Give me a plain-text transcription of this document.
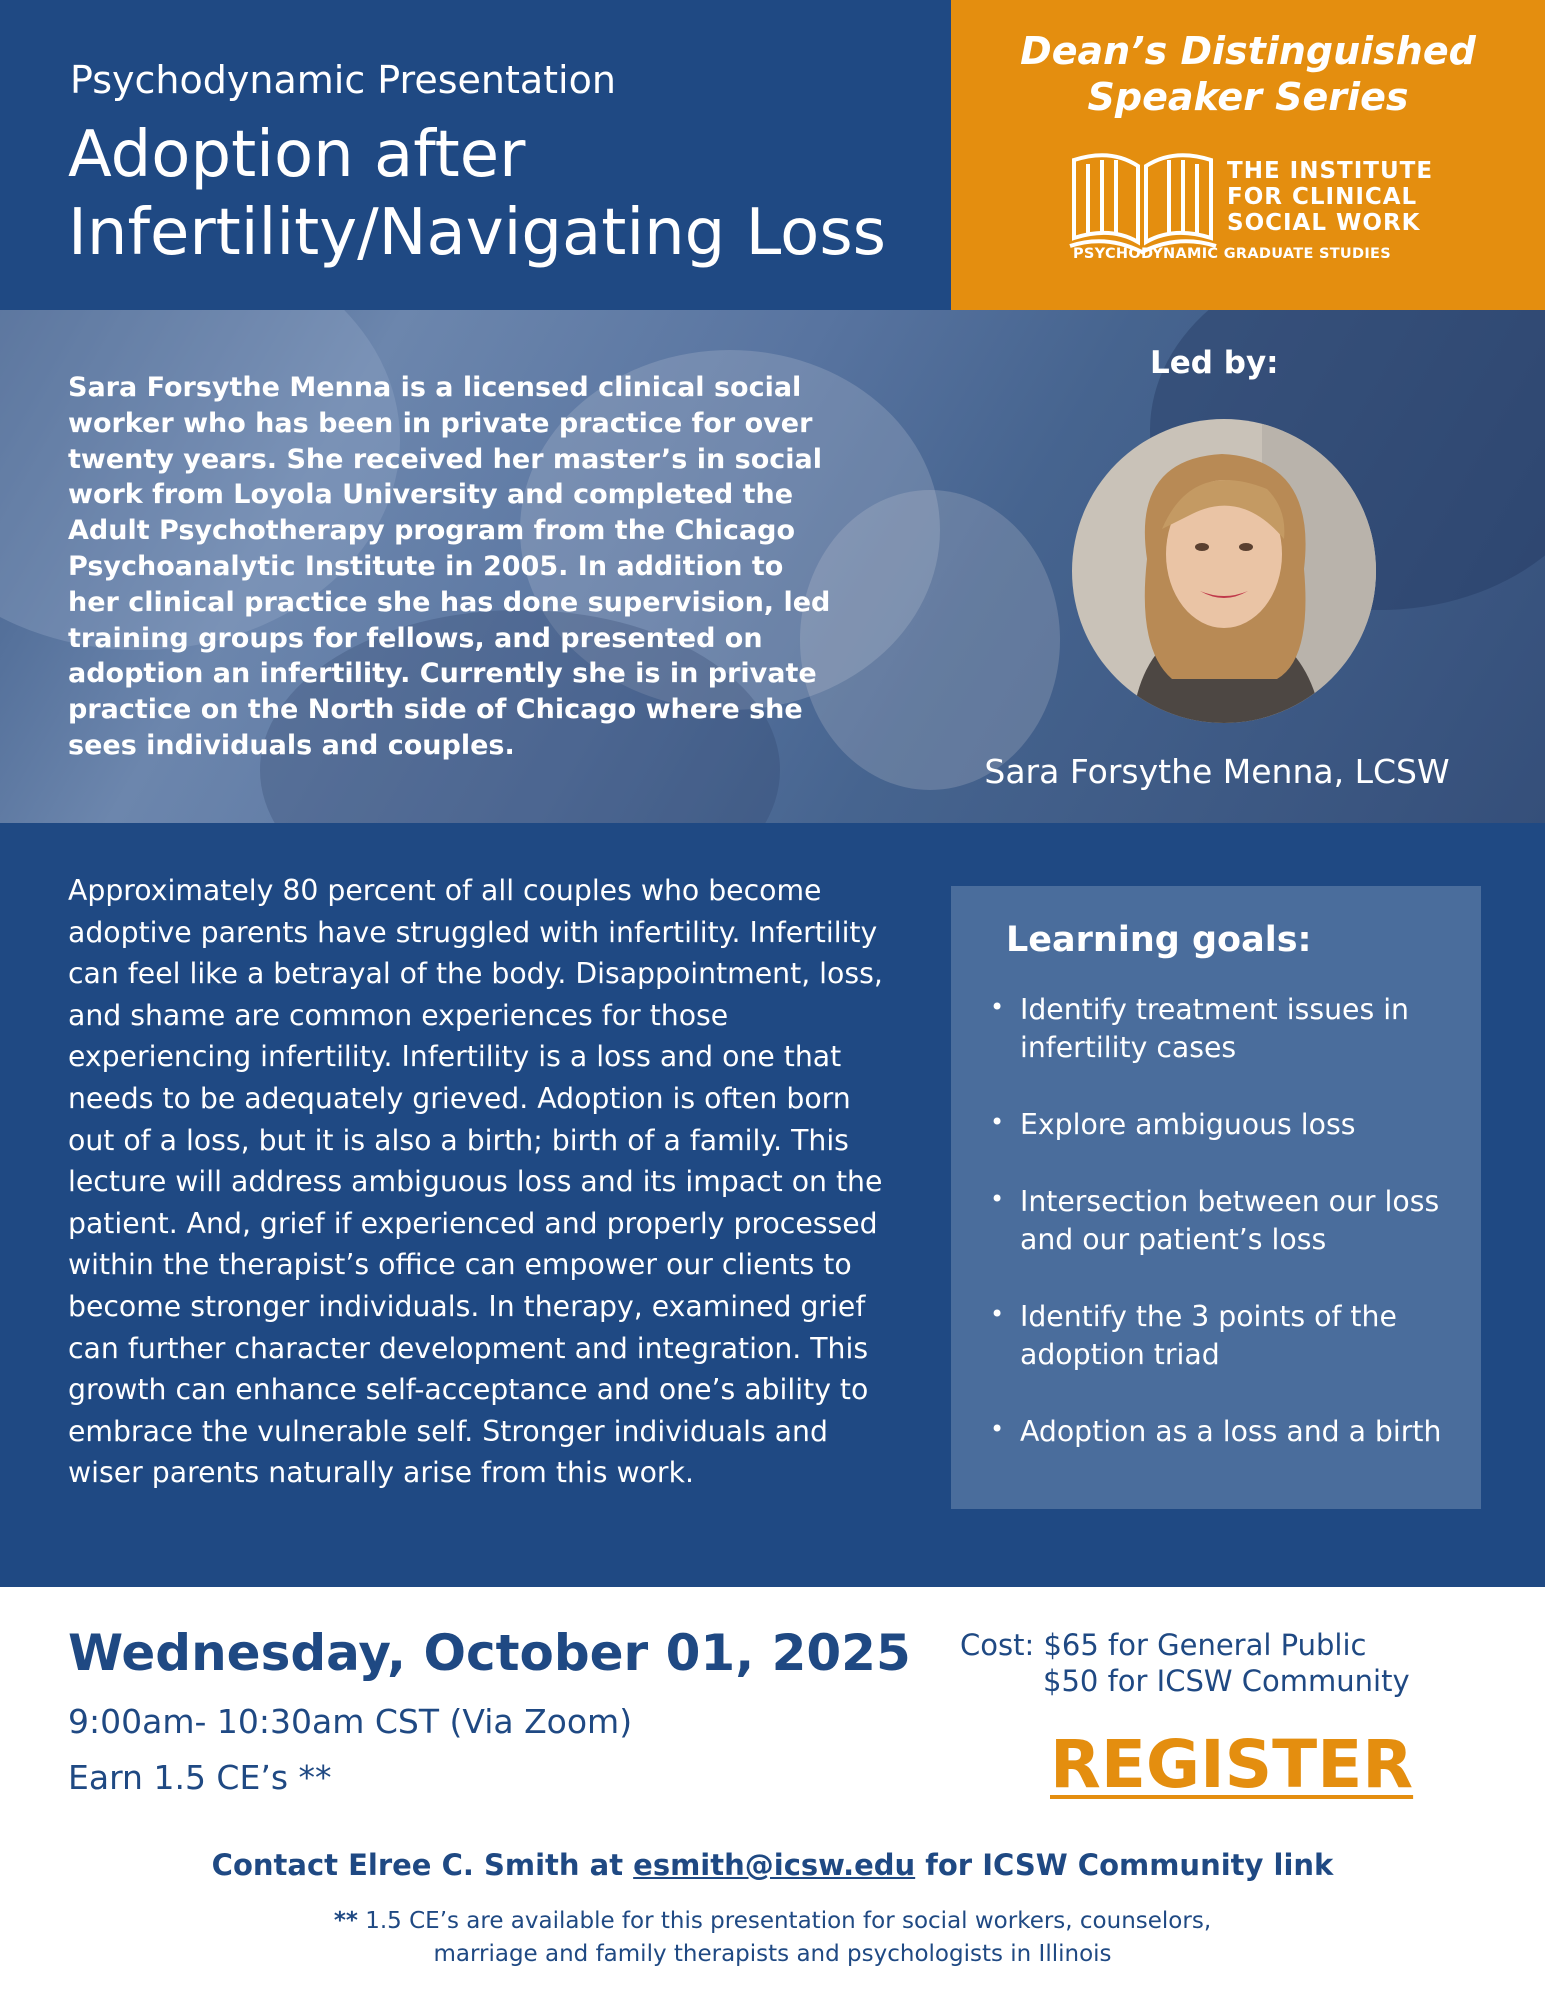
Psychodynamic Presentation
Adoption after
Infertility/Navigating Loss
Dean’s Distinguished
Speaker Series
THE INSTITUTE
FOR CLINICAL
SOCIAL WORK
PSYCHODYNAMIC GRADUATE STUDIES
Sara Forsythe Menna is a licensed clinical social worker who has been in private practice for over twenty years. She received her master’s in social work from Loyola University and completed the Adult Psychotherapy program from the Chicago Psychoanalytic Institute in 2005. In addition to her clinical practice she has done supervision, led training groups for fellows, and presented on adoption an infertility. Currently she is in private practice on the North side of Chicago where she sees individuals and couples.
Led by:
Sara Forsythe Menna, LCSW
Approximately 80 percent of all couples who become adoptive parents have struggled with infertility. Infertility can feel like a betrayal of the body. Disappointment, loss, and shame are common experiences for those experiencing infertility. Infertility is a loss and one that needs to be adequately grieved. Adoption is often born out of a loss, but it is also a birth; birth of a family. This lecture will address ambiguous loss and its impact on the patient. And, grief if experienced and properly processed within the therapist’s office can empower our clients to become stronger individuals. In therapy, examined grief can further character development and integration. This growth can enhance self-acceptance and one’s ability to embrace the vulnerable self. Stronger individuals and wiser parents naturally arise from this work.
Learning goals:
• Identify treatment issues in infertility cases
• Explore ambiguous loss
• Intersection between our loss and our patient’s loss
• Identify the 3 points of the adoption triad
• Adoption as a loss and a birth
Wednesday, October 01, 2025
9:00am- 10:30am CST (Via Zoom)
Earn 1.5 CE’s **
Cost: $65 for General Public
$50 for ICSW Community
REGISTER
Contact Elree C. Smith at esmith@icsw.edu for ICSW Community link
** 1.5 CE’s are available for this presentation for social workers, counselors,
marriage and family therapists and psychologists in Illinois
